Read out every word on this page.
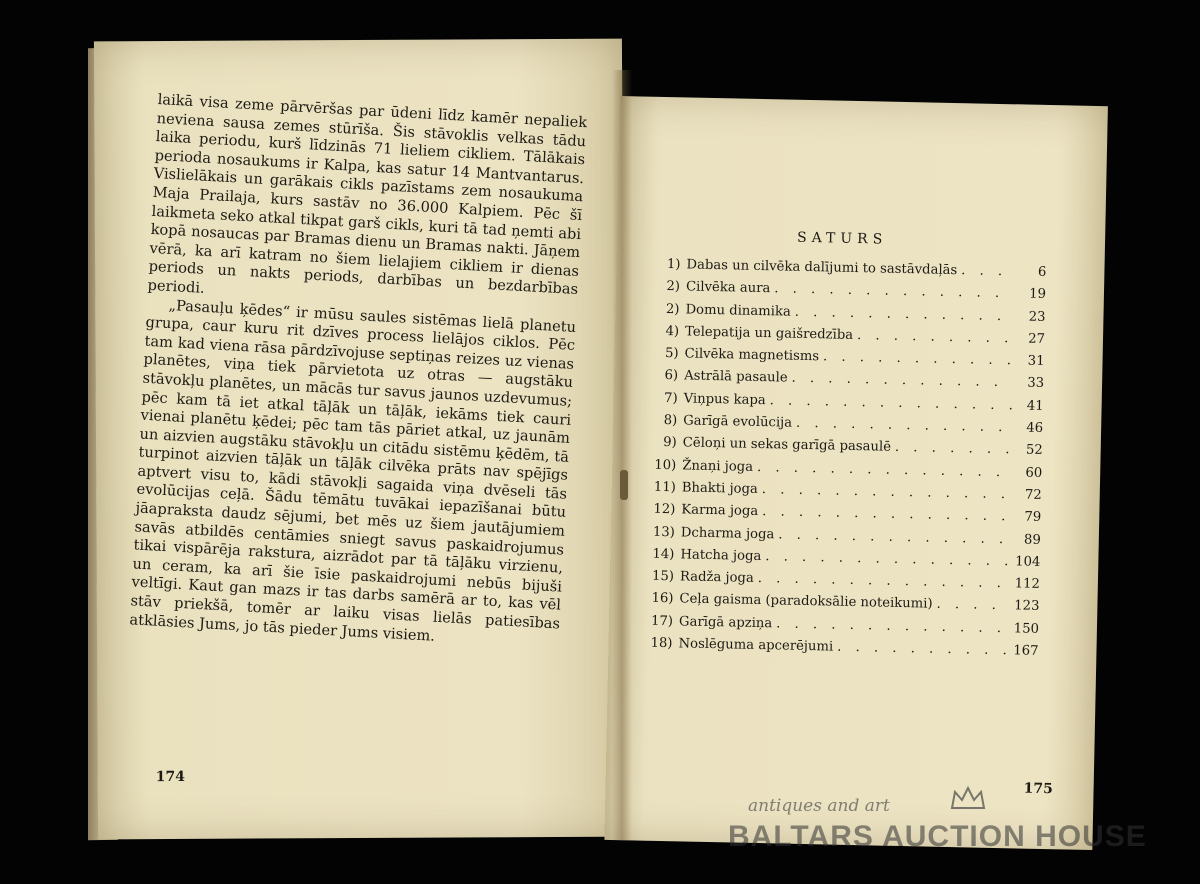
laikā visa zeme pārvēršas par ūdeni līdz kamēr nepaliek neviena sausa zemes stūrīša. Šis stāvoklis velkas tādu laika periodu, kurš līdzinās 71 lieliem cikliem. Tālākais perioda nosaukums ir Kalpa, kas satur 14 Mantvantarus. Vislielākais un garākais cikls pazīstams zem nosaukuma Maja Prailaja, kurs sastāv no 36.000 Kalpiem. Pēc šī laikmeta seko atkal tikpat garš cikls, kuri tā tad ņemti abi kopā nosaucas par Bramas dienu un Bramas nakti. Jāņem vērā, ka arī katram no šiem lielajiem cikliem ir dienas periods un nakts periods, darbības un bezdarbības periodi.

„Pasauļu ķēdes“ ir mūsu saules sistēmas lielā planetu grupa, caur kuru rit dzīves process lielājos ciklos. Pēc tam kad viena rāsa pārdzīvojuse septiņas reizes uz vienas planētes, viņa tiek pārvietota uz otras — augstāku stāvokļu planētes, un mācās tur savus jaunos uzdevumus; pēc kam tā iet atkal tāļāk un tāļāk, iekāms tiek cauri vienai planētu ķēdei; pēc tam tās pāriet atkal, uz jaunām un aizvien augstāku stāvokļu un citādu sistēmu ķēdēm, tā turpinot aizvien tāļāk un tāļāk cilvēka prāts nav spējīgs aptvert visu to, kādi stāvokļi sagaida viņa dvēseli tās evolūcijas ceļā. Šādu tēmātu tuvākai iepazīšanai būtu jāapraksta daudz sējumi, bet mēs uz šiem jautājumiem savās atbildēs centāmies sniegt savus paskaidrojumus tikai vispārēja rakstura, aizrādot par tā tāļāku virzienu, un ceram, ka arī šie īsie paskaidrojumi nebūs bijuši veltīgi. Kaut gan mazs ir tas darbs samērā ar to, kas vēl stāv priekšā, tomēr ar laiku visas lielās patiesības atklāsies Jums, jo tās pieder Jums visiem.

174
SATURS
1) Dabas un cilvēka dalījumi to sastāvdaļās . . .	6
2) Cilvēka aura . . .	19
2) Domu dinamika . . .	23
4) Telepatija un gaišredzība . . .	27
5) Cilvēka magnetisms . . .	31
6) Astrālā pasaule . . .	33
7) Viņpus kapa . . .	41
8) Garīgā evolūcija . . .	46
9) Cēloņi un sekas garīgā pasaulē . . .	52
10) Žnaņi joga . . .	60
11) Bhakti joga . . .	72
12) Karma joga . . .	79
13) Dcharma joga . . .	89
14) Hatcha joga . . .	104
15) Radža joga . . .	112
16) Ceļa gaisma (paradoksālie noteikumi) . . .	123
17) Garīgā apziņa . . .	150
18) Noslēguma apcerējumi . . .	167
175
antiques and art
BALTARS AUCTION HOUSE
